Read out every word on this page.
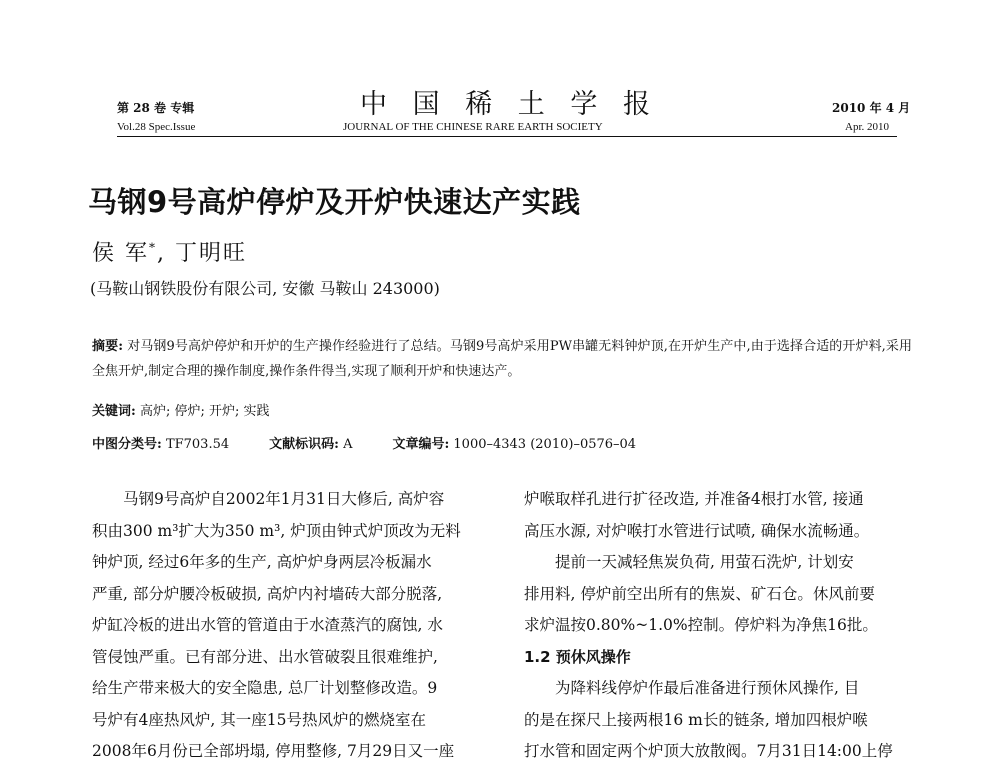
第 28 卷 专辑
Vol.28 Spec.Issue
中国稀土学报
JOURNAL OF THE CHINESE RARE EARTH SOCIETY
2010 年 4 月
Apr. 2010
马钢9号高炉停炉及开炉快速达产实践
侯 军*, 丁明旺
(马鞍山钢铁股份有限公司, 安徽 马鞍山 243000)
摘要: 对马钢9号高炉停炉和开炉的生产操作经验进行了总结。马钢9号高炉采用PW串罐无料钟炉顶,在开炉生产中,由于选择合适的开炉料,采用全焦开炉,制定合理的操作制度,操作条件得当,实现了顺利开炉和快速达产。
关键词: 高炉; 停炉; 开炉; 实践
中图分类号: TF703.54	文献标识码: A	文章编号: 1000–4343 (2010)–0576–04
马钢9号高炉自2002年1月31日大修后, 高炉容
积由300 m³扩大为350 m³, 炉顶由钟式炉顶改为无料
钟炉顶, 经过6年多的生产, 高炉炉身两层冷板漏水
严重, 部分炉腰冷板破损, 高炉内衬墙砖大部分脱落,
炉缸冷板的进出水管的管道由于水渣蒸汽的腐蚀, 水
管侵蚀严重。已有部分进、出水管破裂且很难维护,
给生产带来极大的安全隐患, 总厂计划整修改造。9
号炉有4座热风炉, 其一座15号热风炉的燃烧室在
2008年6月份已全部坍塌, 停用整修, 7月29日又一座
炉喉取样孔进行扩径改造, 并准备4根打水管, 接通
高压水源, 对炉喉打水管进行试喷, 确保水流畅通。
提前一天减轻焦炭负荷, 用萤石洗炉, 计划安
排用料, 停炉前空出所有的焦炭、矿石仓。休风前要
求炉温按0.80%~1.0%控制。停炉料为净焦16批。
1.2 预休风操作
为降料线停炉作最后准备进行预休风操作, 目
的是在探尺上接两根16 m长的链条, 增加四根炉喉
打水管和固定两个炉顶大放散阀。7月31日14:00上停
